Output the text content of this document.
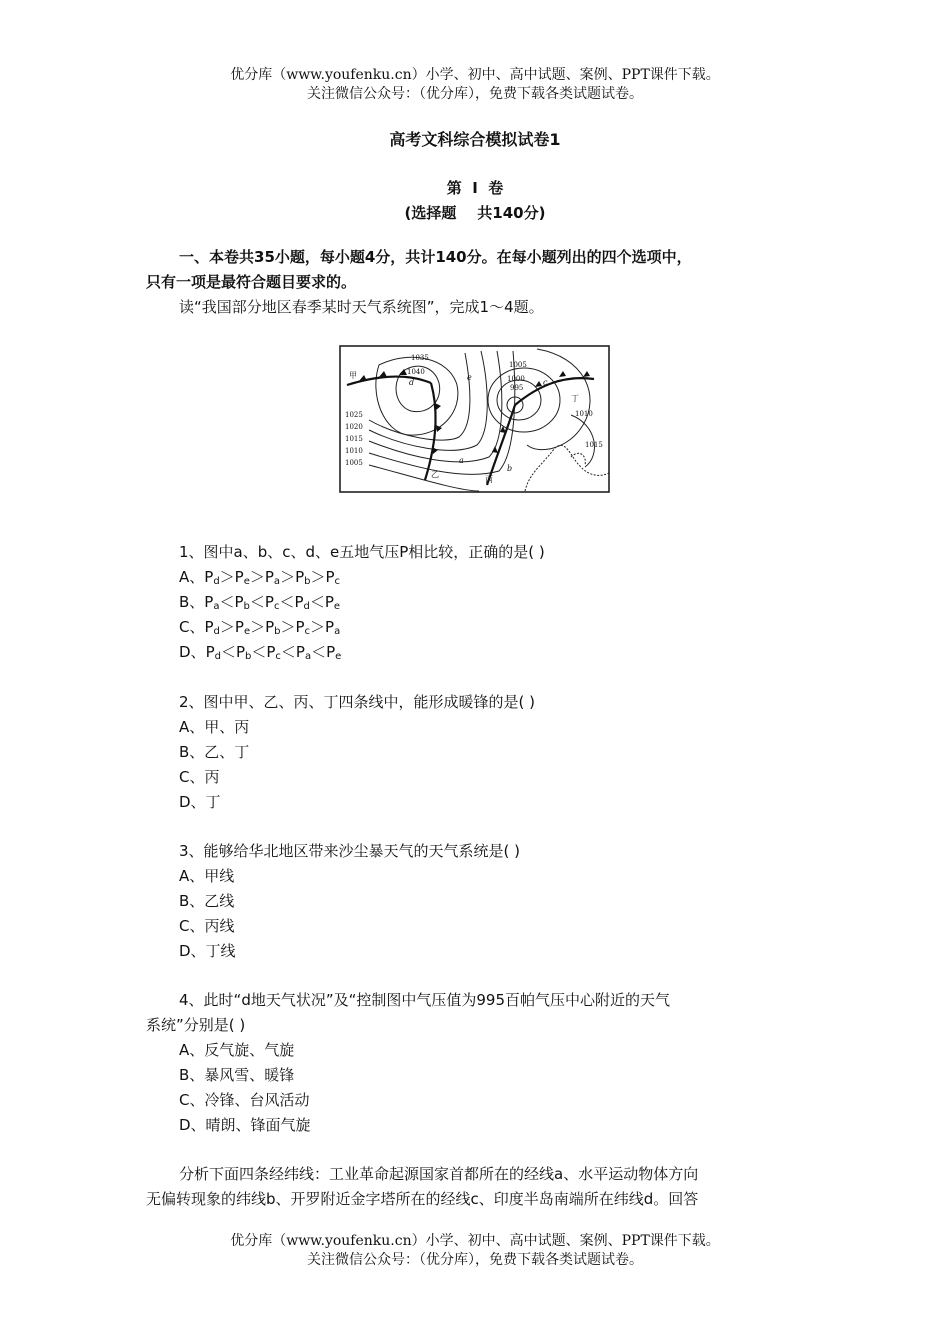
优分库（www.youfenku.cn）小学、初中、高中试题、案例、PPT课件下载。
关注微信公众号：（优分库），免费下载各类试题试卷。
高考文科综合模拟试卷1
第  Ⅰ  卷
(选择题    共140分)
一、本卷共35小题，每小题4分，共计140分。在每小题列出的四个选项中，
只有一项是最符合题目要求的。
读“我国部分地区春季某时天气系统图”，完成1～4题。
甲
乙
丙
丁
a
b
c
d
e
1035
1040
1025
1020
1015
1010
1005
1005
1000
995
1010
1015
1、图中a、b、c、d、e五地气压P相比较，正确的是( )
A、$P_d>P_e>P_a>P_b>P_c$
B、$P_a<P_b<P_c<P_d<P_e$
C、$P_d>P_e>P_b>P_c>P_a$
D、$P_d<P_b<P_c<P_a<P_e$
2、图中甲、乙、丙、丁四条线中，能形成暖锋的是( )
A、甲、丙
B、乙、丁
C、丙
D、丁
3、能够给华北地区带来沙尘暴天气的天气系统是( )
A、甲线
B、乙线
C、丙线
D、丁线
4、此时“d地天气状况”及“控制图中气压值为995百帕气压中心附近的天气
系统”分别是( )
A、反气旋、气旋
B、暴风雪、暖锋
C、冷锋、台风活动
D、晴朗、锋面气旋
分析下面四条经纬线：工业革命起源国家首都所在的经线a、水平运动物体方向
无偏转现象的纬线b、开罗附近金字塔所在的经线c、印度半岛南端所在纬线d。回答
优分库（www.youfenku.cn）小学、初中、高中试题、案例、PPT课件下载。
关注微信公众号：（优分库），免费下载各类试题试卷。
